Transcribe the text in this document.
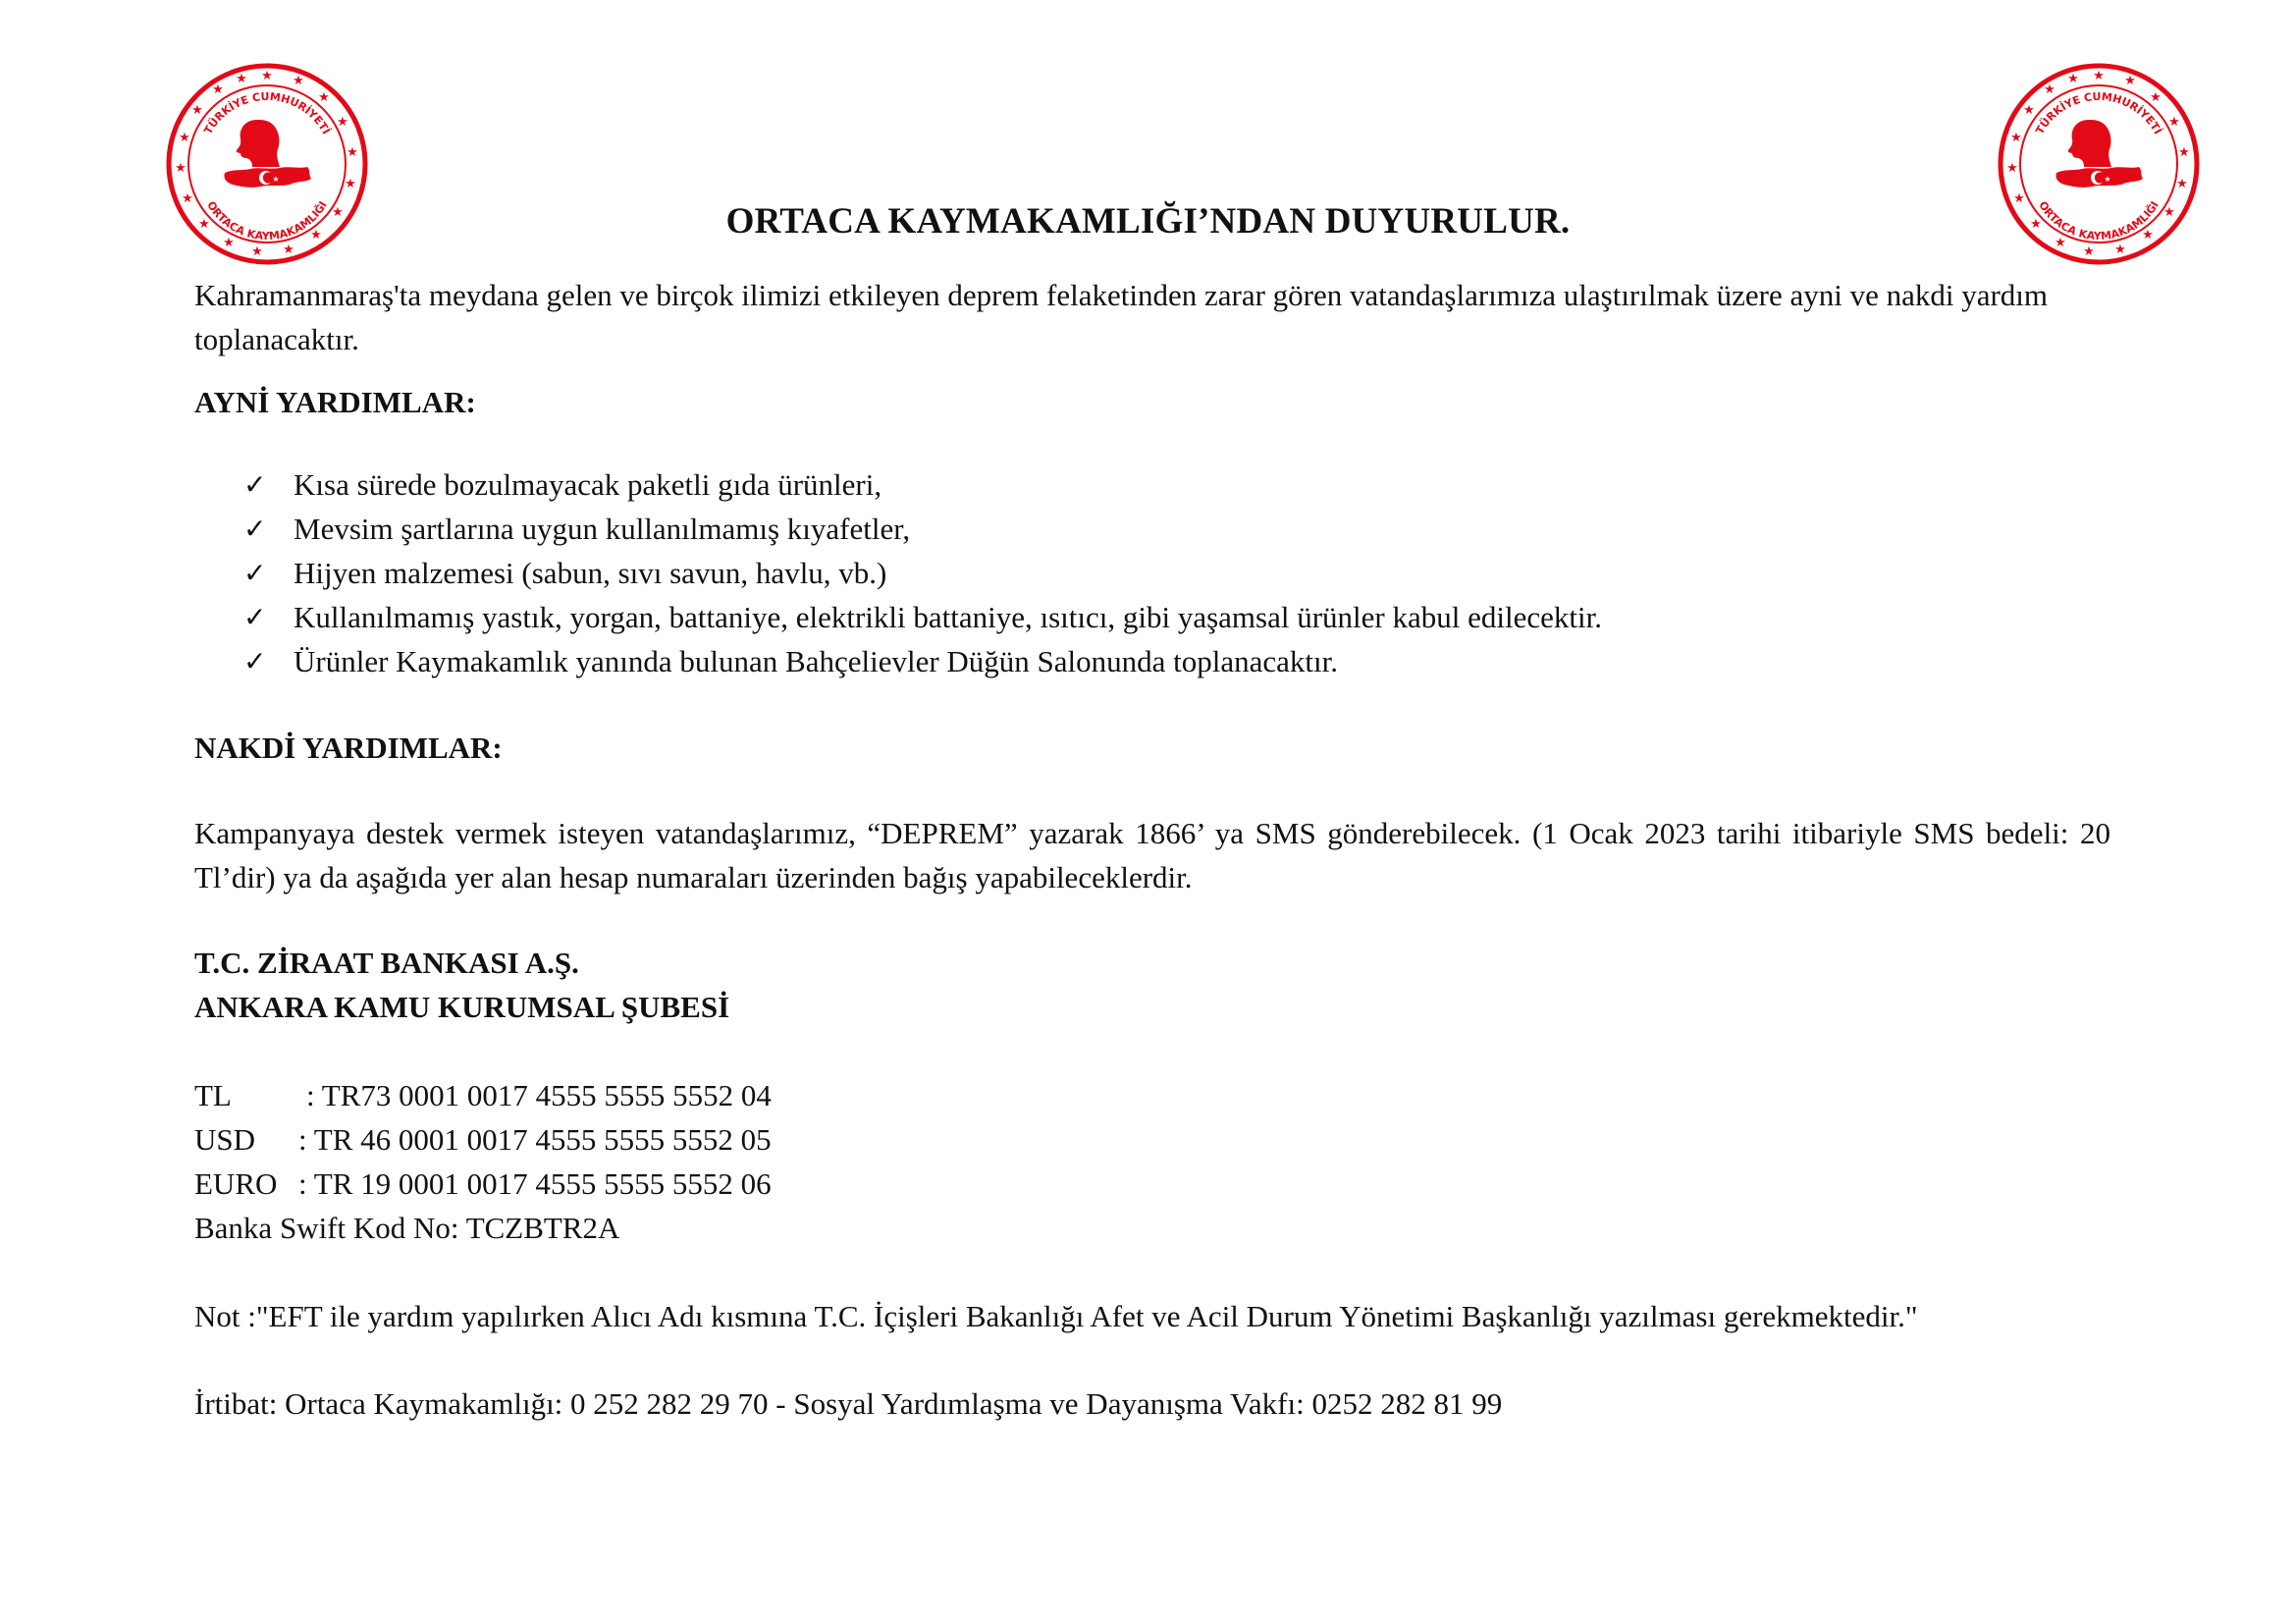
★ ★
★
★
★
★
★
★
★
★
★
★
★
★
★
★
★
★
TÜRKİYE CUMHURİYETİ
ORTACA KAYMAKAMLIĞI
★
★ ★
★
★
★
★
★
★
★
★
★
★
★
★
★
★
★
★
TÜRKİYE CUMHURİYETİ
ORTACA KAYMAKAMLIĞI
★
ORTACA KAYMAKAMLIĞI’NDAN DUYURULUR.

Kahramanmaraş'ta meydana gelen ve birçok ilimizi etkileyen deprem felaketinden zarar gören vatandaşlarımıza ulaştırılmak üzere ayni ve nakdi yardım toplanacaktır.

AYNİ YARDIMLAR:
✓ Kısa sürede bozulmayacak paketli gıda ürünleri,
✓ Mevsim şartlarına uygun kullanılmamış kıyafetler,
✓ Hijyen malzemesi (sabun, sıvı savun, havlu, vb.)
✓ Kullanılmamış yastık, yorgan, battaniye, elektrikli battaniye, ısıtıcı, gibi yaşamsal ürünler kabul edilecektir.
✓ Ürünler Kaymakamlık yanında bulunan Bahçelievler Düğün Salonunda toplanacaktır.
NAKDİ YARDIMLAR:

Kampanyaya destek vermek isteyen vatandaşlarımız, “DEPREM” yazarak 1866’ ya SMS gönderebilecek. (1 Ocak 2023 tarihi itibariyle SMS bedeli: 20 Tl’dir) ya da aşağıda yer alan hesap numaraları üzerinden bağış yapabileceklerdir.

T.C. ZİRAAT BANKASI A.Ş.
ANKARA KAMU KURUMSAL ŞUBESİ
TL : TR73 0001 0017 4555 5555 5552 04
USD : TR 46 0001 0017 4555 5555 5552 05
EURO : TR 19 0001 0017 4555 5555 5552 06
Banka Swift Kod No: TCZBTR2A

Not :"EFT ile yardım yapılırken Alıcı Adı kısmına T.C. İçişleri Bakanlığı Afet ve Acil Durum Yönetimi Başkanlığı yazılması gerekmektedir."

İrtibat: Ortaca Kaymakamlığı: 0 252 282 29 70 - Sosyal Yardımlaşma ve Dayanışma Vakfı: 0252 282 81 99
